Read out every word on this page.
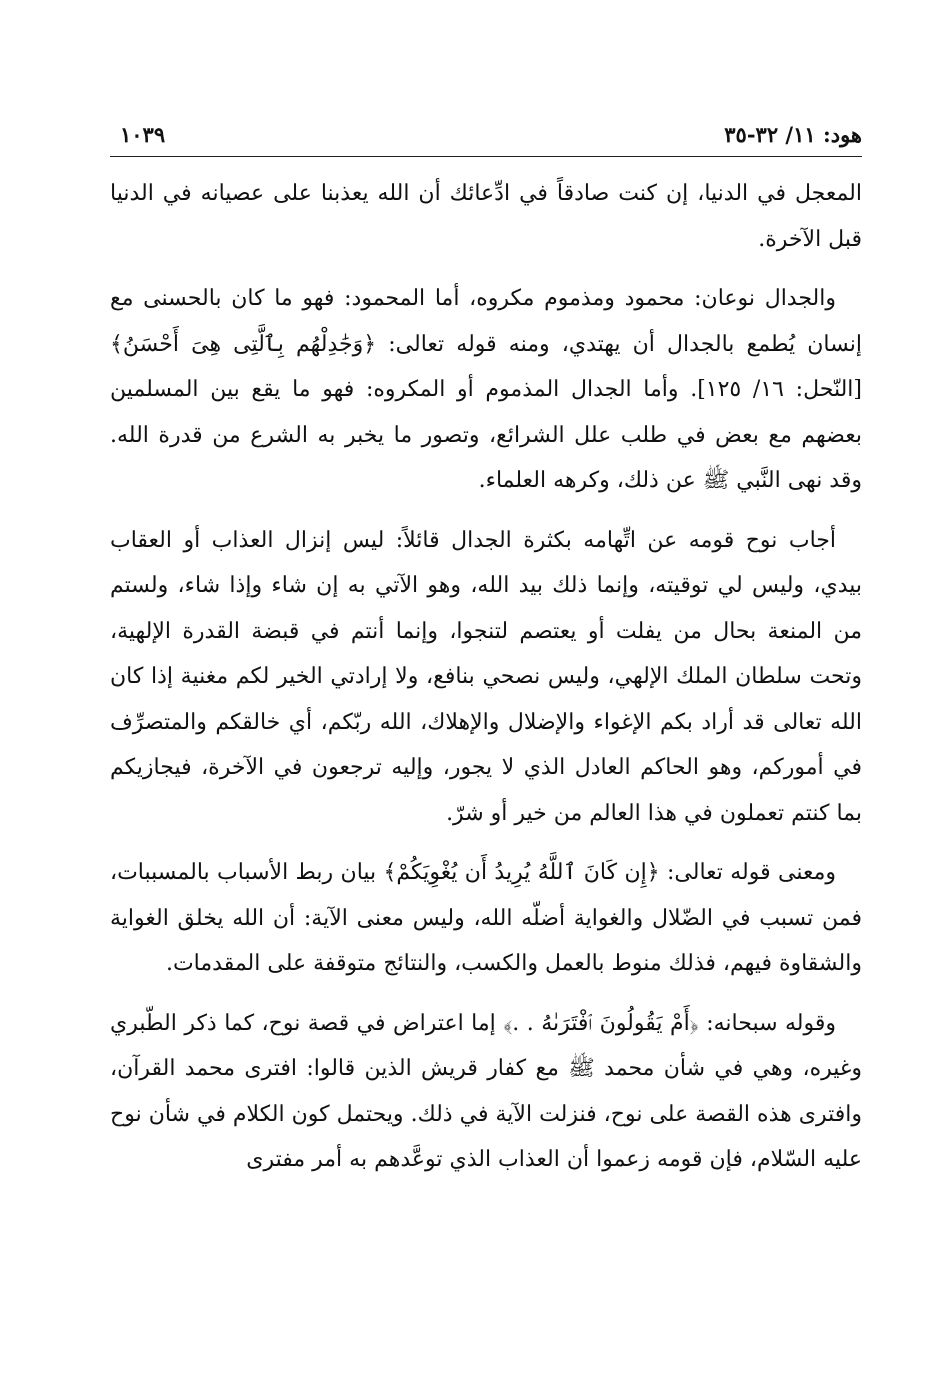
هود: ١١/ ٣٢-٣٥
١٠٣٩

المعجل في الدنيا، إن كنت صادقاً في ادِّعائك أن الله يعذبنا على عصيانه في الدنيا قبل الآخرة.

والجدال نوعان: محمود ومذموم مكروه، أما المحمود: فهو ما كان بالحسنى مع إنسان يُطمع بالجدال أن يهتدي، ومنه قوله تعالى: ﴿وَجَٰدِلْهُم بِٱلَّتِى هِىَ أَحْسَنُ﴾ [النّحل: ١٦/ ١٢٥]. وأما الجدال المذموم أو المكروه: فهو ما يقع بين المسلمين بعضهم مع بعض في طلب علل الشرائع، وتصور ما يخبر به الشرع من قدرة الله. وقد نهى النَّبي ﷺ عن ذلك، وكرهه العلماء.

أجاب نوح قومه عن اتِّهامه بكثرة الجدال قائلاً: ليس إنزال العذاب أو العقاب بيدي، وليس لي توقيته، وإنما ذلك بيد الله، وهو الآتي به إن شاء وإذا شاء، ولستم من المنعة بحال من يفلت أو يعتصم لتنجوا، وإنما أنتم في قبضة القدرة الإلهية، وتحت سلطان الملك الإلهي، وليس نصحي بنافع، ولا إرادتي الخير لكم مغنية إذا كان الله تعالى قد أراد بكم الإغواء والإضلال والإهلاك، الله ربّكم، أي خالقكم والمتصرِّف في أموركم، وهو الحاكم العادل الذي لا يجور، وإليه ترجعون في الآخرة، فيجازيكم بما كنتم تعملون في هذا العالم من خير أو شرّ.

ومعنى قوله تعالى: ﴿إِن كَانَ ٱللَّهُ يُرِيدُ أَن يُغْوِيَكُمْ﴾ بيان ربط الأسباب بالمسببات، فمن تسبب في الضّلال والغواية أضلّه الله، وليس معنى الآية: أن الله يخلق الغواية والشقاوة فيهم، فذلك منوط بالعمل والكسب، والنتائج متوقفة على المقدمات.

وقوله سبحانه: ﴿أَمْ يَقُولُونَ ٱفْتَرَىٰهُ . .﴾ إما اعتراض في قصة نوح، كما ذكر الطّبري وغيره، وهي في شأن محمد ﷺ مع كفار قريش الذين قالوا: افترى محمد القرآن، وافترى هذه القصة على نوح، فنزلت الآية في ذلك. ويحتمل كون الكلام في شأن نوح عليه السّلام، فإن قومه زعموا أن العذاب الذي توعَّدهم به أمر مفترى
